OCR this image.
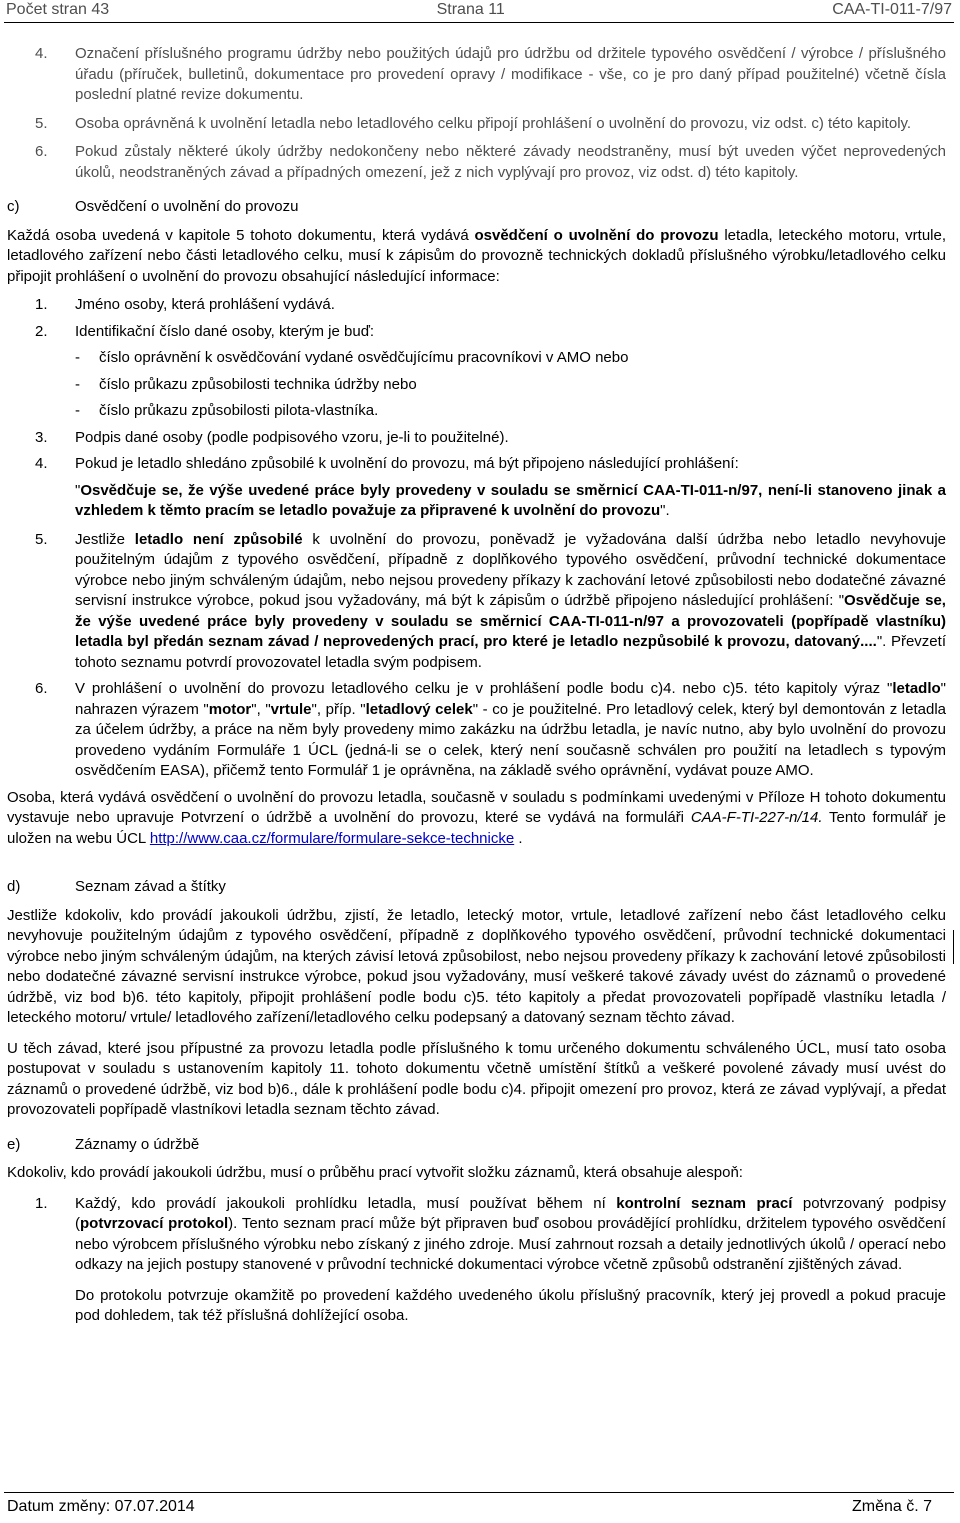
Počet stran 43	Strana 11	CAA-TI-011-7/97
4.	Označení příslušného programu údržby nebo použitých údajů pro údržbu od držitele typového osvědčení / výrobce / příslušného úřadu (příruček, bulletinů, dokumentace pro provedení opravy / modifikace - vše, co je pro daný případ použitelné) včetně čísla poslední platné revize dokumentu.
5.	Osoba oprávněná k uvolnění letadla nebo letadlového celku připojí prohlášení o uvolnění do provozu, viz odst. c) této kapitoly.
6.	Pokud zůstaly některé úkoly údržby nedokončeny nebo některé závady neodstraněny, musí být uveden výčet neprovedených úkolů, neodstraněných závad a případných omezení, jež z nich vyplývají pro provoz, viz odst. d) této kapitoly.
c)	Osvědčení o uvolnění do provozu
Každá osoba uvedená v kapitole 5 tohoto dokumentu, která vydává osvědčení o uvolnění do provozu letadla, leteckého motoru, vrtule, letadlového zařízení nebo části letadlového celku, musí k zápisům do provozně technických dokladů příslušného výrobku/letadlového celku připojit prohlášení o uvolnění do provozu obsahující následující informace:
1.	Jméno osoby, která prohlášení vydává.
2.	Identifikační číslo dané osoby, kterým je buď:
-	číslo oprávnění k osvědčování vydané osvědčujícímu pracovníkovi v AMO nebo
-	číslo průkazu způsobilosti technika údržby nebo
-	číslo průkazu způsobilosti pilota-vlastníka.
3.	Podpis dané osoby (podle podpisového vzoru, je-li to použitelné).
4.	Pokud je letadlo shledáno způsobilé k uvolnění do provozu, má být připojeno následující prohlášení:
"Osvědčuje se, že výše uvedené práce byly provedeny v souladu se směrnicí CAA-TI-011-n/97, není-li stanoveno jinak a vzhledem k těmto pracím se letadlo považuje za připravené k uvolnění do provozu".
5.	Jestliže letadlo není způsobilé k uvolnění do provozu, poněvadž je vyžadována další údržba nebo letadlo nevyhovuje použitelným údajům z typového osvědčení, případně z doplňkového typového osvědčení, průvodní technické dokumentace výrobce nebo jiným schváleným údajům, nebo nejsou provedeny příkazy k zachování letové způsobilosti nebo dodatečné závazné servisní instrukce výrobce, pokud jsou vyžadovány, má být k zápisům o údržbě připojeno následující prohlášení: "Osvědčuje se, že výše uvedené práce byly provedeny v souladu se směrnicí CAA-TI-011-n/97 a provozovateli (popřípadě vlastníku) letadla byl předán seznam závad / neprovedených prací, pro které je letadlo nezpůsobilé k provozu, datovaný....". Převzetí tohoto seznamu potvrdí provozovatel letadla svým podpisem.
6.	V prohlášení o uvolnění do provozu letadlového celku je v prohlášení podle bodu c)4. nebo c)5. této kapitoly výraz "letadlo" nahrazen výrazem "motor", "vrtule", příp. "letadlový celek" - co je použitelné. Pro letadlový celek, který byl demontován z letadla za účelem údržby, a práce na něm byly provedeny mimo zakázku na údržbu letadla, je navíc nutno, aby bylo uvolnění do provozu provedeno vydáním Formuláře 1 ÚCL (jedná-li se o celek, který není současně schválen pro použití na letadlech s typovým osvědčením EASA), přičemž tento Formulář 1 je oprávněna, na základě svého oprávnění, vydávat pouze AMO.
Osoba, která vydává osvědčení o uvolnění do provozu letadla, současně v souladu s podmínkami uvedenými v Příloze H tohoto dokumentu vystavuje nebo upravuje Potvrzení o údržbě a uvolnění do provozu, které se vydává na formuláři CAA-F-TI-227-n/14. Tento formulář je uložen na webu ÚCL http://www.caa.cz/formulare/formulare-sekce-technicke .
d)	Seznam závad a štítky
Jestliže kdokoliv, kdo provádí jakoukoli údržbu, zjistí, že letadlo, letecký motor, vrtule, letadlové zařízení nebo část letadlového celku nevyhovuje použitelným údajům z typového osvědčení, případně z doplňkového typového osvědčení, průvodní technické dokumentaci výrobce nebo jiným schváleným údajům, na kterých závisí letová způsobilost, nebo nejsou provedeny příkazy k zachování letové způsobilosti nebo dodatečné závazné servisní instrukce výrobce, pokud jsou vyžadovány, musí veškeré takové závady uvést do záznamů o provedené údržbě, viz bod b)6. této kapitoly, připojit prohlášení podle bodu c)5. této kapitoly a předat provozovateli popřípadě vlastníku letadla / leteckého motoru/ vrtule/ letadlového zařízení/letadlového celku podepsaný a datovaný seznam těchto závad.
U těch závad, které jsou přípustné za provozu letadla podle příslušného k tomu určeného dokumentu schváleného ÚCL, musí tato osoba postupovat v souladu s ustanovením kapitoly 11. tohoto dokumentu včetně umístění štítků a veškeré povolené závady musí uvést do záznamů o provedené údržbě, viz bod b)6., dále k prohlášení podle bodu c)4. připojit omezení pro provoz, která ze závad vyplývají, a předat provozovateli popřípadě vlastníkovi letadla seznam těchto závad.
e)	Záznamy o údržbě
Kdokoliv, kdo provádí jakoukoli údržbu, musí o průběhu prací vytvořit složku záznamů, která obsahuje alespoň:
1.	Každý, kdo provádí jakoukoli prohlídku letadla, musí používat během ní kontrolní seznam prací potvrzovaný podpisy (potvrzovací protokol). Tento seznam prací může být připraven buď osobou provádějící prohlídku, držitelem typového osvědčení nebo výrobcem příslušného výrobku nebo získaný z jiného zdroje. Musí zahrnout rozsah a detaily jednotlivých úkolů / operací nebo odkazy na jejich postupy stanovené v průvodní technické dokumentaci výrobce včetně způsobů odstranění zjištěných závad.
Do protokolu potvrzuje okamžitě po provedení každého uvedeného úkolu příslušný pracovník, který jej provedl a pokud pracuje pod dohledem, tak též příslušná dohlížející osoba.
Datum změny: 07.07.2014	Změna č. 7
